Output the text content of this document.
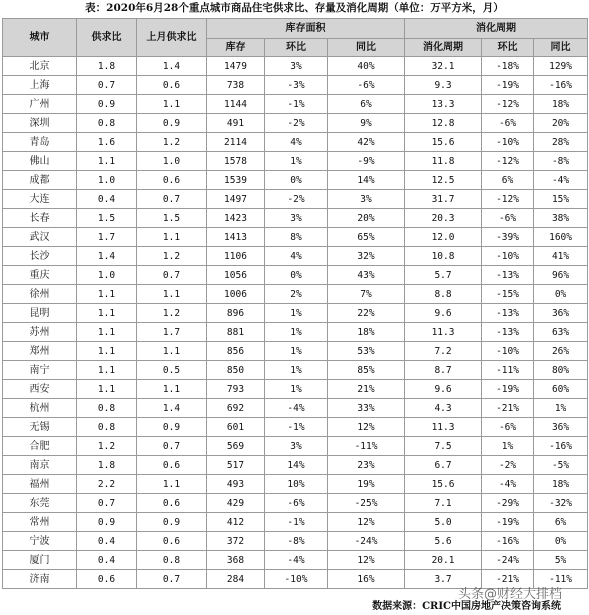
表：2020年6月28个重点城市商品住宅供求比、存量及消化周期（单位：万平方米，月）
城市	供求比	上月供求比	库存面积			消化周期		
			库存	环比	同比	消化周期	环比	同比
北京	1.8	1.4	1479	3%	40%	32.1	-18%	129%
上海	0.7	0.6	738	-3%	-6%	9.3	-19%	-16%
广州	0.9	1.1	1144	-1%	6%	13.3	-12%	18%
深圳	0.8	0.9	491	-2%	9%	12.8	-6%	20%
青岛	1.6	1.2	2114	4%	42%	15.6	-10%	28%
佛山	1.1	1.0	1578	1%	-9%	11.8	-12%	-8%
成都	1.0	0.6	1539	0%	14%	12.5	6%	-4%
大连	0.4	0.7	1497	-2%	3%	31.7	-12%	15%
长春	1.5	1.5	1423	3%	20%	20.3	-6%	38%
武汉	1.7	1.1	1413	8%	65%	12.0	-39%	160%
长沙	1.4	1.2	1106	4%	32%	10.8	-10%	41%
重庆	1.0	0.7	1056	0%	43%	5.7	-13%	96%
徐州	1.1	1.1	1006	2%	7%	8.8	-15%	0%
昆明	1.1	1.2	896	1%	22%	9.6	-13%	36%
苏州	1.1	1.7	881	1%	18%	11.3	-13%	63%
郑州	1.1	1.1	856	1%	53%	7.2	-10%	26%
南宁	1.1	0.5	850	1%	85%	8.7	-11%	80%
西安	1.1	1.1	793	1%	21%	9.6	-19%	60%
杭州	0.8	1.4	692	-4%	33%	4.3	-21%	1%
无锡	0.8	0.9	601	-1%	12%	11.3	-6%	36%
合肥	1.2	0.7	569	3%	-11%	7.5	1%	-16%
南京	1.8	0.6	517	14%	23%	6.7	-2%	-5%
福州	2.2	1.1	493	10%	19%	15.6	-4%	18%
东莞	0.7	0.6	429	-6%	-25%	7.1	-29%	-32%
常州	0.9	0.9	412	-1%	12%	5.0	-19%	6%
宁波	0.4	0.6	372	-8%	-24%	5.6	-16%	0%
厦门	0.4	0.8	368	-4%	12%	20.1	-24%	5%
济南	0.6	0.7	284	-10%	16%	3.7	-21%	-11%
头条@财经大排档
数据来源：CRIC中国房地产决策咨询系统
